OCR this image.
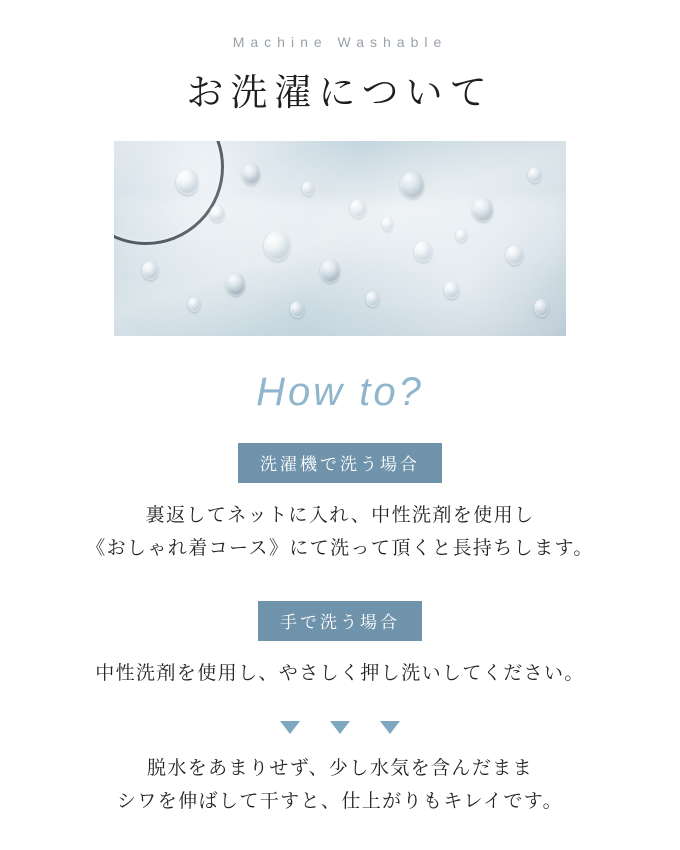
Machine Washable
お洗濯について
How to?
洗濯機で洗う場合
裏返してネットに入れ、中性洗剤を使用し
《おしゃれ着コース》にて洗って頂くと長持ちします。
手で洗う場合
中性洗剤を使用し、やさしく押し洗いしてください。
脱水をあまりせず、少し水気を含んだまま
シワを伸ばして干すと、仕上がりもキレイです。
